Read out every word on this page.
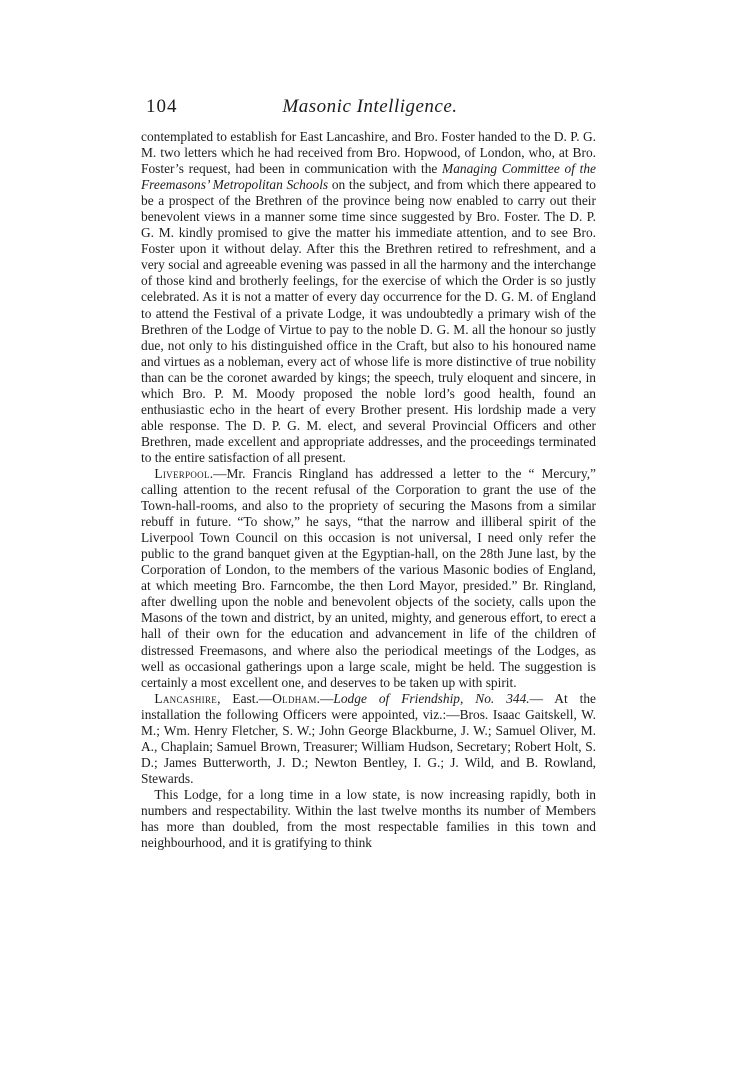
104	Masonic Intelligence.

contemplated to establish for East Lancashire, and Bro. Foster handed to the D. P. G. M. two letters which he had received from Bro. Hopwood, of London, who, at Bro. Foster’s request, had been in communication with the Managing Committee of the Freemasons’ Metropolitan Schools on the subject, and from which there appeared to be a prospect of the Brethren of the province being now enabled to carry out their benevolent views in a manner some time since suggested by Bro. Foster. The D. P. G. M. kindly promised to give the matter his immediate attention, and to see Bro. Foster upon it without delay. After this the Brethren retired to refreshment, and a very social and agreeable evening was passed in all the harmony and the interchange of those kind and brotherly feelings, for the exercise of which the Order is so justly celebrated. As it is not a matter of every day occurrence for the D. G. M. of England to attend the Festival of a private Lodge, it was undoubtedly a primary wish of the Brethren of the Lodge of Virtue to pay to the noble D. G. M. all the honour so justly due, not only to his distinguished office in the Craft, but also to his honoured name and virtues as a nobleman, every act of whose life is more distinctive of true nobility than can be the coronet awarded by kings; the speech, truly eloquent and sincere, in which Bro. P. M. Moody proposed the noble lord’s good health, found an enthusiastic echo in the heart of every Brother present. His lordship made a very able response. The D. P. G. M. elect, and several Provincial Officers and other Brethren, made excellent and appropriate addresses, and the proceedings terminated to the entire satisfaction of all present.

Liverpool.—Mr. Francis Ringland has addressed a letter to the “ Mercury,” calling attention to the recent refusal of the Corporation to grant the use of the Town-hall-rooms, and also to the propriety of securing the Masons from a similar rebuff in future. “To show,” he says, “that the narrow and illiberal spirit of the Liverpool Town Council on this occasion is not universal, I need only refer the public to the grand banquet given at the Egyptian-hall, on the 28th June last, by the Corporation of London, to the members of the various Masonic bodies of England, at which meeting Bro. Farncombe, the then Lord Mayor, presided.” Br. Ringland, after dwelling upon the noble and benevolent objects of the society, calls upon the Masons of the town and district, by an united, mighty, and generous effort, to erect a hall of their own for the education and advancement in life of the children of distressed Freemasons, and where also the periodical meetings of the Lodges, as well as occasional gatherings upon a large scale, might be held. The suggestion is certainly a most excellent one, and deserves to be taken up with spirit.

Lancashire, East.—Oldham.—Lodge of Friendship, No. 344.— At the installation the following Officers were appointed, viz.:—Bros. Isaac Gaitskell, W. M.; Wm. Henry Fletcher, S. W.; John George Blackburne, J. W.; Samuel Oliver, M. A., Chaplain; Samuel Brown, Treasurer; William Hudson, Secretary; Robert Holt, S. D.; James Butterworth, J. D.; Newton Bentley, I. G.; J. Wild, and B. Rowland, Stewards.

This Lodge, for a long time in a low state, is now increasing rapidly, both in numbers and respectability. Within the last twelve months its number of Members has more than doubled, from the most respectable families in this town and neighbourhood, and it is gratifying to think
